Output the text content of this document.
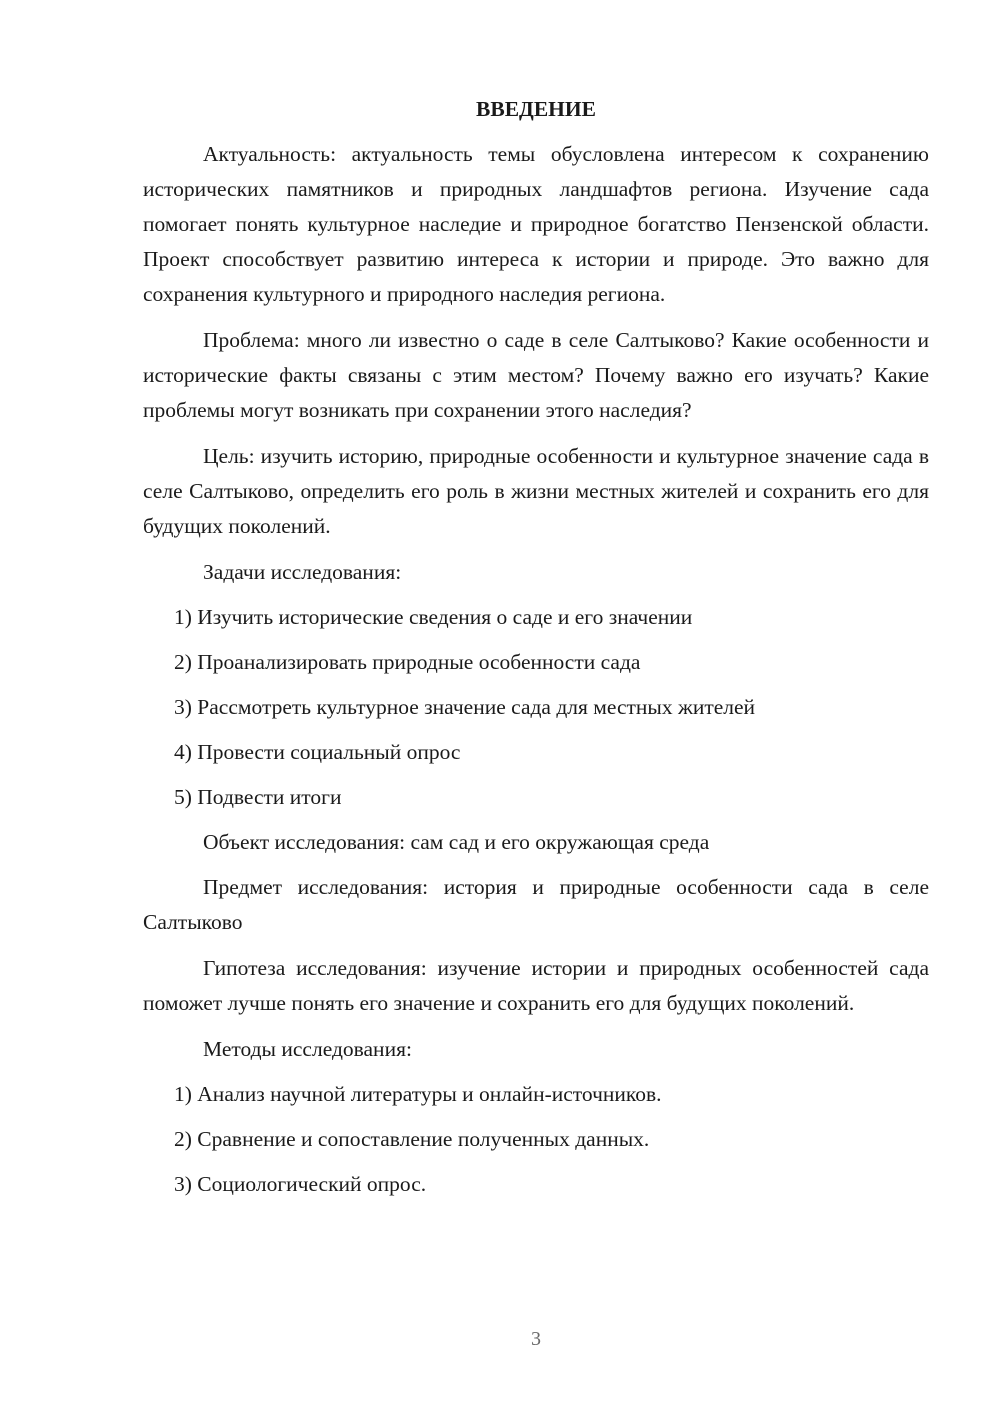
ВВЕДЕНИЕ

Актуальность: актуальность темы обусловлена интересом к сохранению исторических памятников и природных ландшафтов региона. Изучение сада помогает понять культурное наследие и природное богатство Пензенской области. Проект способствует развитию интереса к истории и природе. Это важно для сохранения культурного и природного наследия региона.

Проблема: много ли известно о саде в селе Салтыково? Какие особенности и исторические факты связаны с этим местом? Почему важно его изучать? Какие проблемы могут возникать при сохранении этого наследия?

Цель: изучить историю, природные особенности и культурное значение сада в селе Салтыково, определить его роль в жизни местных жителей и сохранить его для будущих поколений.

Задачи исследования:
1) Изучить исторические сведения о саде и его значении
2) Проанализировать природные особенности сада
3) Рассмотреть культурное значение сада для местных жителей
4) Провести социальный опрос
5) Подвести итоги
Объект исследования: сам сад и его окружающая среда

Предмет исследования: история и природные особенности сада в селе Салтыково

Гипотеза исследования: изучение истории и природных особенностей сада поможет лучше понять его значение и сохранить его для будущих поколений.

Методы исследования:
1) Анализ научной литературы и онлайн-источников.
2) Сравнение и сопоставление полученных данных.
3) Социологический опрос.
3
